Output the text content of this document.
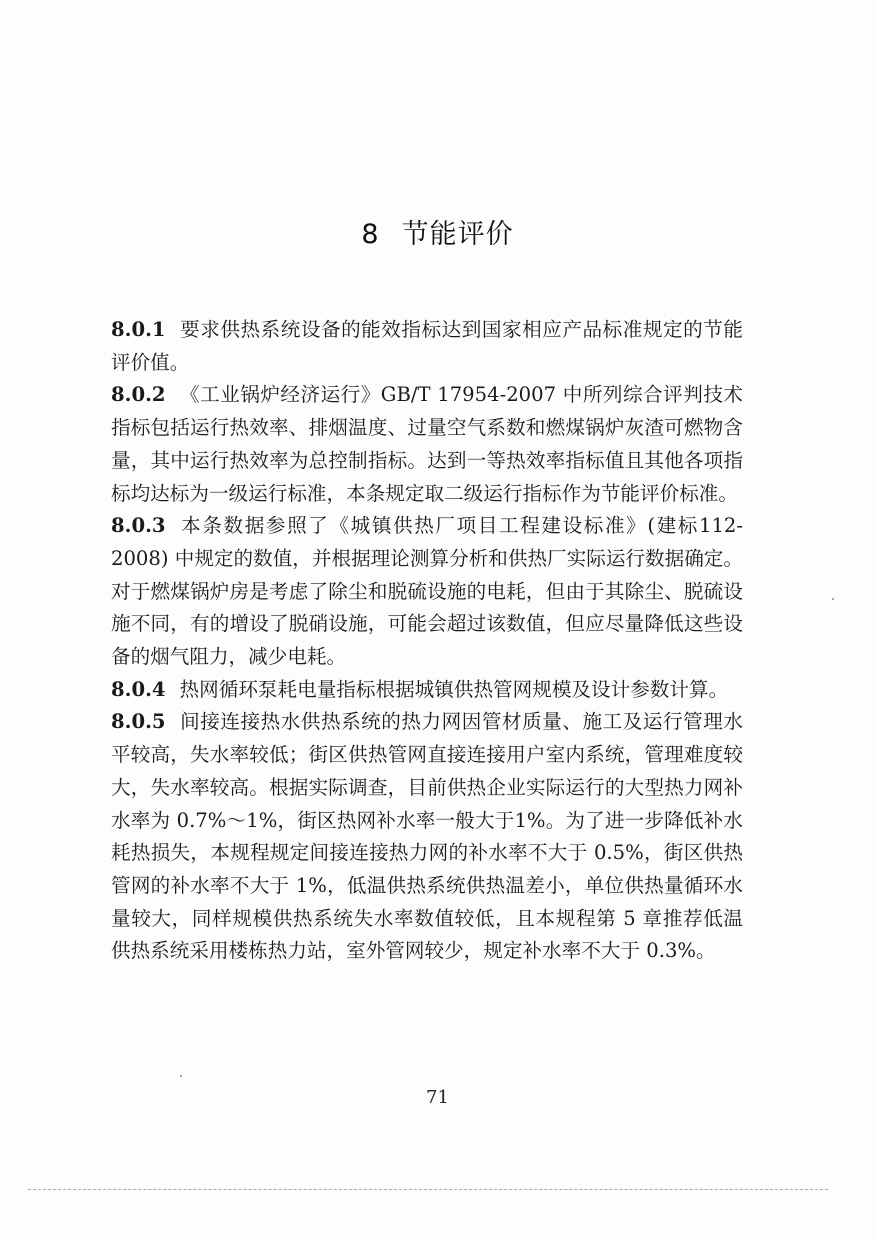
8 节能评价

8.0.1 要求供热系统设备的能效指标达到国家相应产品标准规定的节能评价值。

8.0.2 《工业锅炉经济运行》GB/T 17954-2007 中所列综合评判技术指标包括运行热效率、排烟温度、过量空气系数和燃煤锅炉灰渣可燃物含量，其中运行热效率为总控制指标。达到一等热效率指标值且其他各项指标均达标为一级运行标准，本条规定取二级运行指标作为节能评价标准。

8.0.3 本条数据参照了《城镇供热厂项目工程建设标准》(建标112-2008) 中规定的数值，并根据理论测算分析和供热厂实际运行数据确定。对于燃煤锅炉房是考虑了除尘和脱硫设施的电耗，但由于其除尘、脱硫设施不同，有的增设了脱硝设施，可能会超过该数值，但应尽量降低这些设备的烟气阻力，减少电耗。

8.0.4 热网循环泵耗电量指标根据城镇供热管网规模及设计参数计算。

8.0.5 间接连接热水供热系统的热力网因管材质量、施工及运行管理水平较高，失水率较低；街区供热管网直接连接用户室内系统，管理难度较大，失水率较高。根据实际调查，目前供热企业实际运行的大型热力网补水率为 0.7%～1%，街区热网补水率一般大于1%。为了进一步降低补水耗热损失，本规程规定间接连接热力网的补水率不大于 0.5%，街区供热管网的补水率不大于 1%，低温供热系统供热温差小，单位供热量循环水量较大，同样规模供热系统失水率数值较低，且本规程第 5 章推荐低温供热系统采用楼栋热力站，室外管网较少，规定补水率不大于 0.3%。

71
